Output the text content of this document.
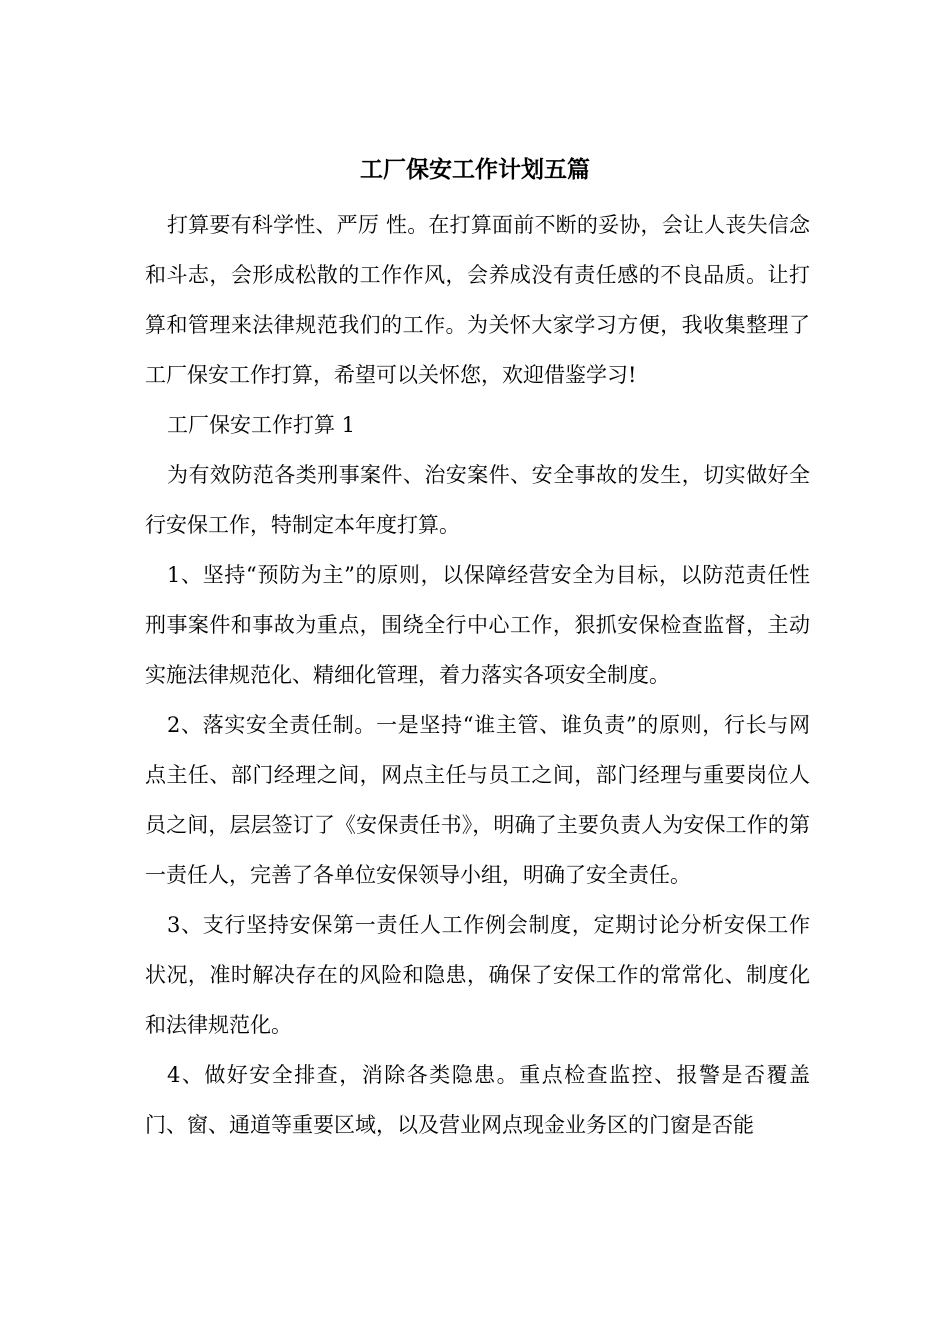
工厂保安工作计划五篇

打算要有科学性、严厉 性。在打算面前不断的妥协，会让人丧失信念和斗志，会形成松散的工作作风，会养成没有责任感的不良品质。让打算和管理来法律规范我们的工作。为关怀大家学习方便，我收集整理了工厂保安工作打算，希望可以关怀您，欢迎借鉴学习!

工厂保安工作打算 1

为有效防范各类刑事案件、治安案件、安全事故的发生，切实做好全行安保工作，特制定本年度打算。

1、坚持“预防为主”的原则，以保障经营安全为目标，以防范责任性刑事案件和事故为重点，围绕全行中心工作，狠抓安保检查监督，主动实施法律规范化、精细化管理，着力落实各项安全制度。

2、落实安全责任制。一是坚持“谁主管、谁负责”的原则，行长与网点主任、部门经理之间，网点主任与员工之间，部门经理与重要岗位人员之间，层层签订了《安保责任书》，明确了主要负责人为安保工作的第一责任人，完善了各单位安保领导小组，明确了安全责任。

3、支行坚持安保第一责任人工作例会制度，定期讨论分析安保工作状况，准时解决存在的风险和隐患，确保了安保工作的常常化、制度化和法律规范化。

4、做好安全排查，消除各类隐患。重点检查监控、报警是否覆盖门、窗、通道等重要区域，以及营业网点现金业务区的门窗是否能
